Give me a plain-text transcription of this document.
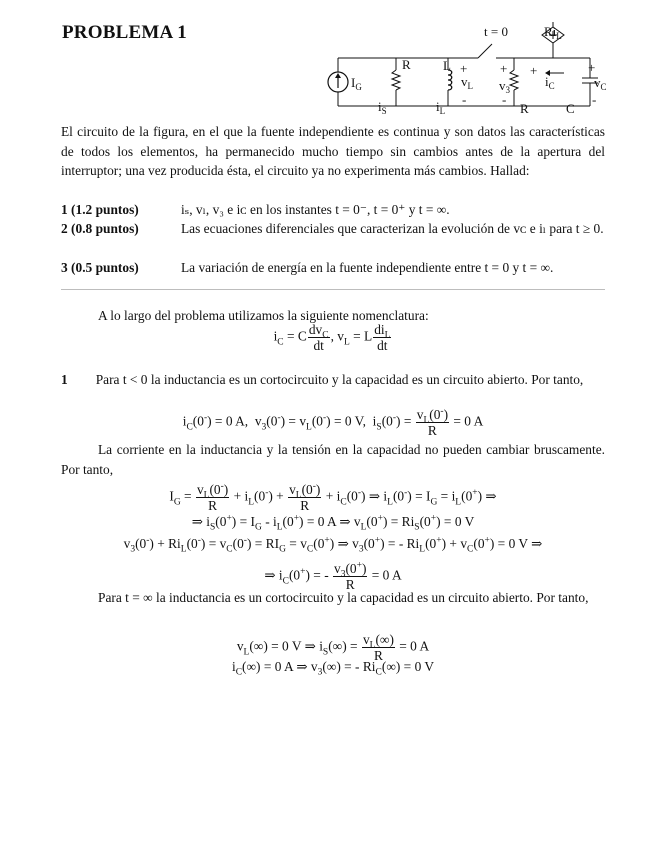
PROBLEMA 1	t = 0
$I_G$
R
$i_S$
L +
$v_L$
-
$i_L$
+
$v_3$
-
R
$Ri_L$
+
$i_C$
C
+
$v_C$
-
El circuito de la figura, en el que la fuente independiente es continua y son datos las características de todos los elementos, ha permanecido mucho tiempo sin cambios antes de la apertura del interruptor; una vez producida ésta, el circuito ya no experimenta más cambios. Hallad:
1 (1.2 puntos)	iₛ, vₗ, v₃ e iᴄ en los instantes t = 0⁻, t = 0⁺ y t = ∞.
2 (0.8 puntos)	Las ecuaciones diferenciales que caracterizan la evolución de vᴄ e iₗ para t ≥ 0.
3 (0.5 puntos)	La variación de energía en la fuente independiente entre t = 0 y t = ∞.
A lo largo del problema utilizamos la siguiente nomenclatura:
$i_C = C \frac{dv_C}{dt}$ , $v_L = L \frac{di_L}{dt}$
1 Para t < 0 la inductancia es un cortocircuito y la capacidad es un circuito abierto. Por tanto,
$i_C(0^-) = 0$ A,  $v_3(0^-) = v_L(0^-) = 0$ V,  $i_S(0^-) = \frac{v_L(0^-)}{R} = 0$ A
La corriente en la inductancia y la tensión en la capacidad no pueden cambiar bruscamente. Por tanto,
$I_G = \frac{v_L(0^-)}{R} + i_L(0^-) + \frac{v_L(0^-)}{R} + i_C(0^-)$ ⇒ $i_L(0^-) = I_G = i_L(0^+)$ ⇒
⇒ $i_S(0^+) = I_G - i_L(0^+) = 0$ A ⇒ $v_L(0^+) = Ri_S(0^+) = 0$ V
$v_3(0^-) + Ri_L(0^-) = v_C(0^-) = RI_G = v_C(0^+)$ ⇒ $v_3(0^+)$ = - $Ri_L(0^+) + v_C(0^+) = 0$ V ⇒
⇒ $i_C(0^+)$ = - $\frac{v_3(0^+)}{R} = 0$ A
Para t = ∞ la inductancia es un cortocircuito y la capacidad es un circuito abierto. Por tanto,
$v_L(\infty) = 0$ V ⇒ $i_S(\infty) = \frac{v_L(\infty)}{R} = 0$ A
$i_C(\infty) = 0$ A ⇒ $v_3(\infty)$ = - $Ri_C(\infty) = 0$ V
